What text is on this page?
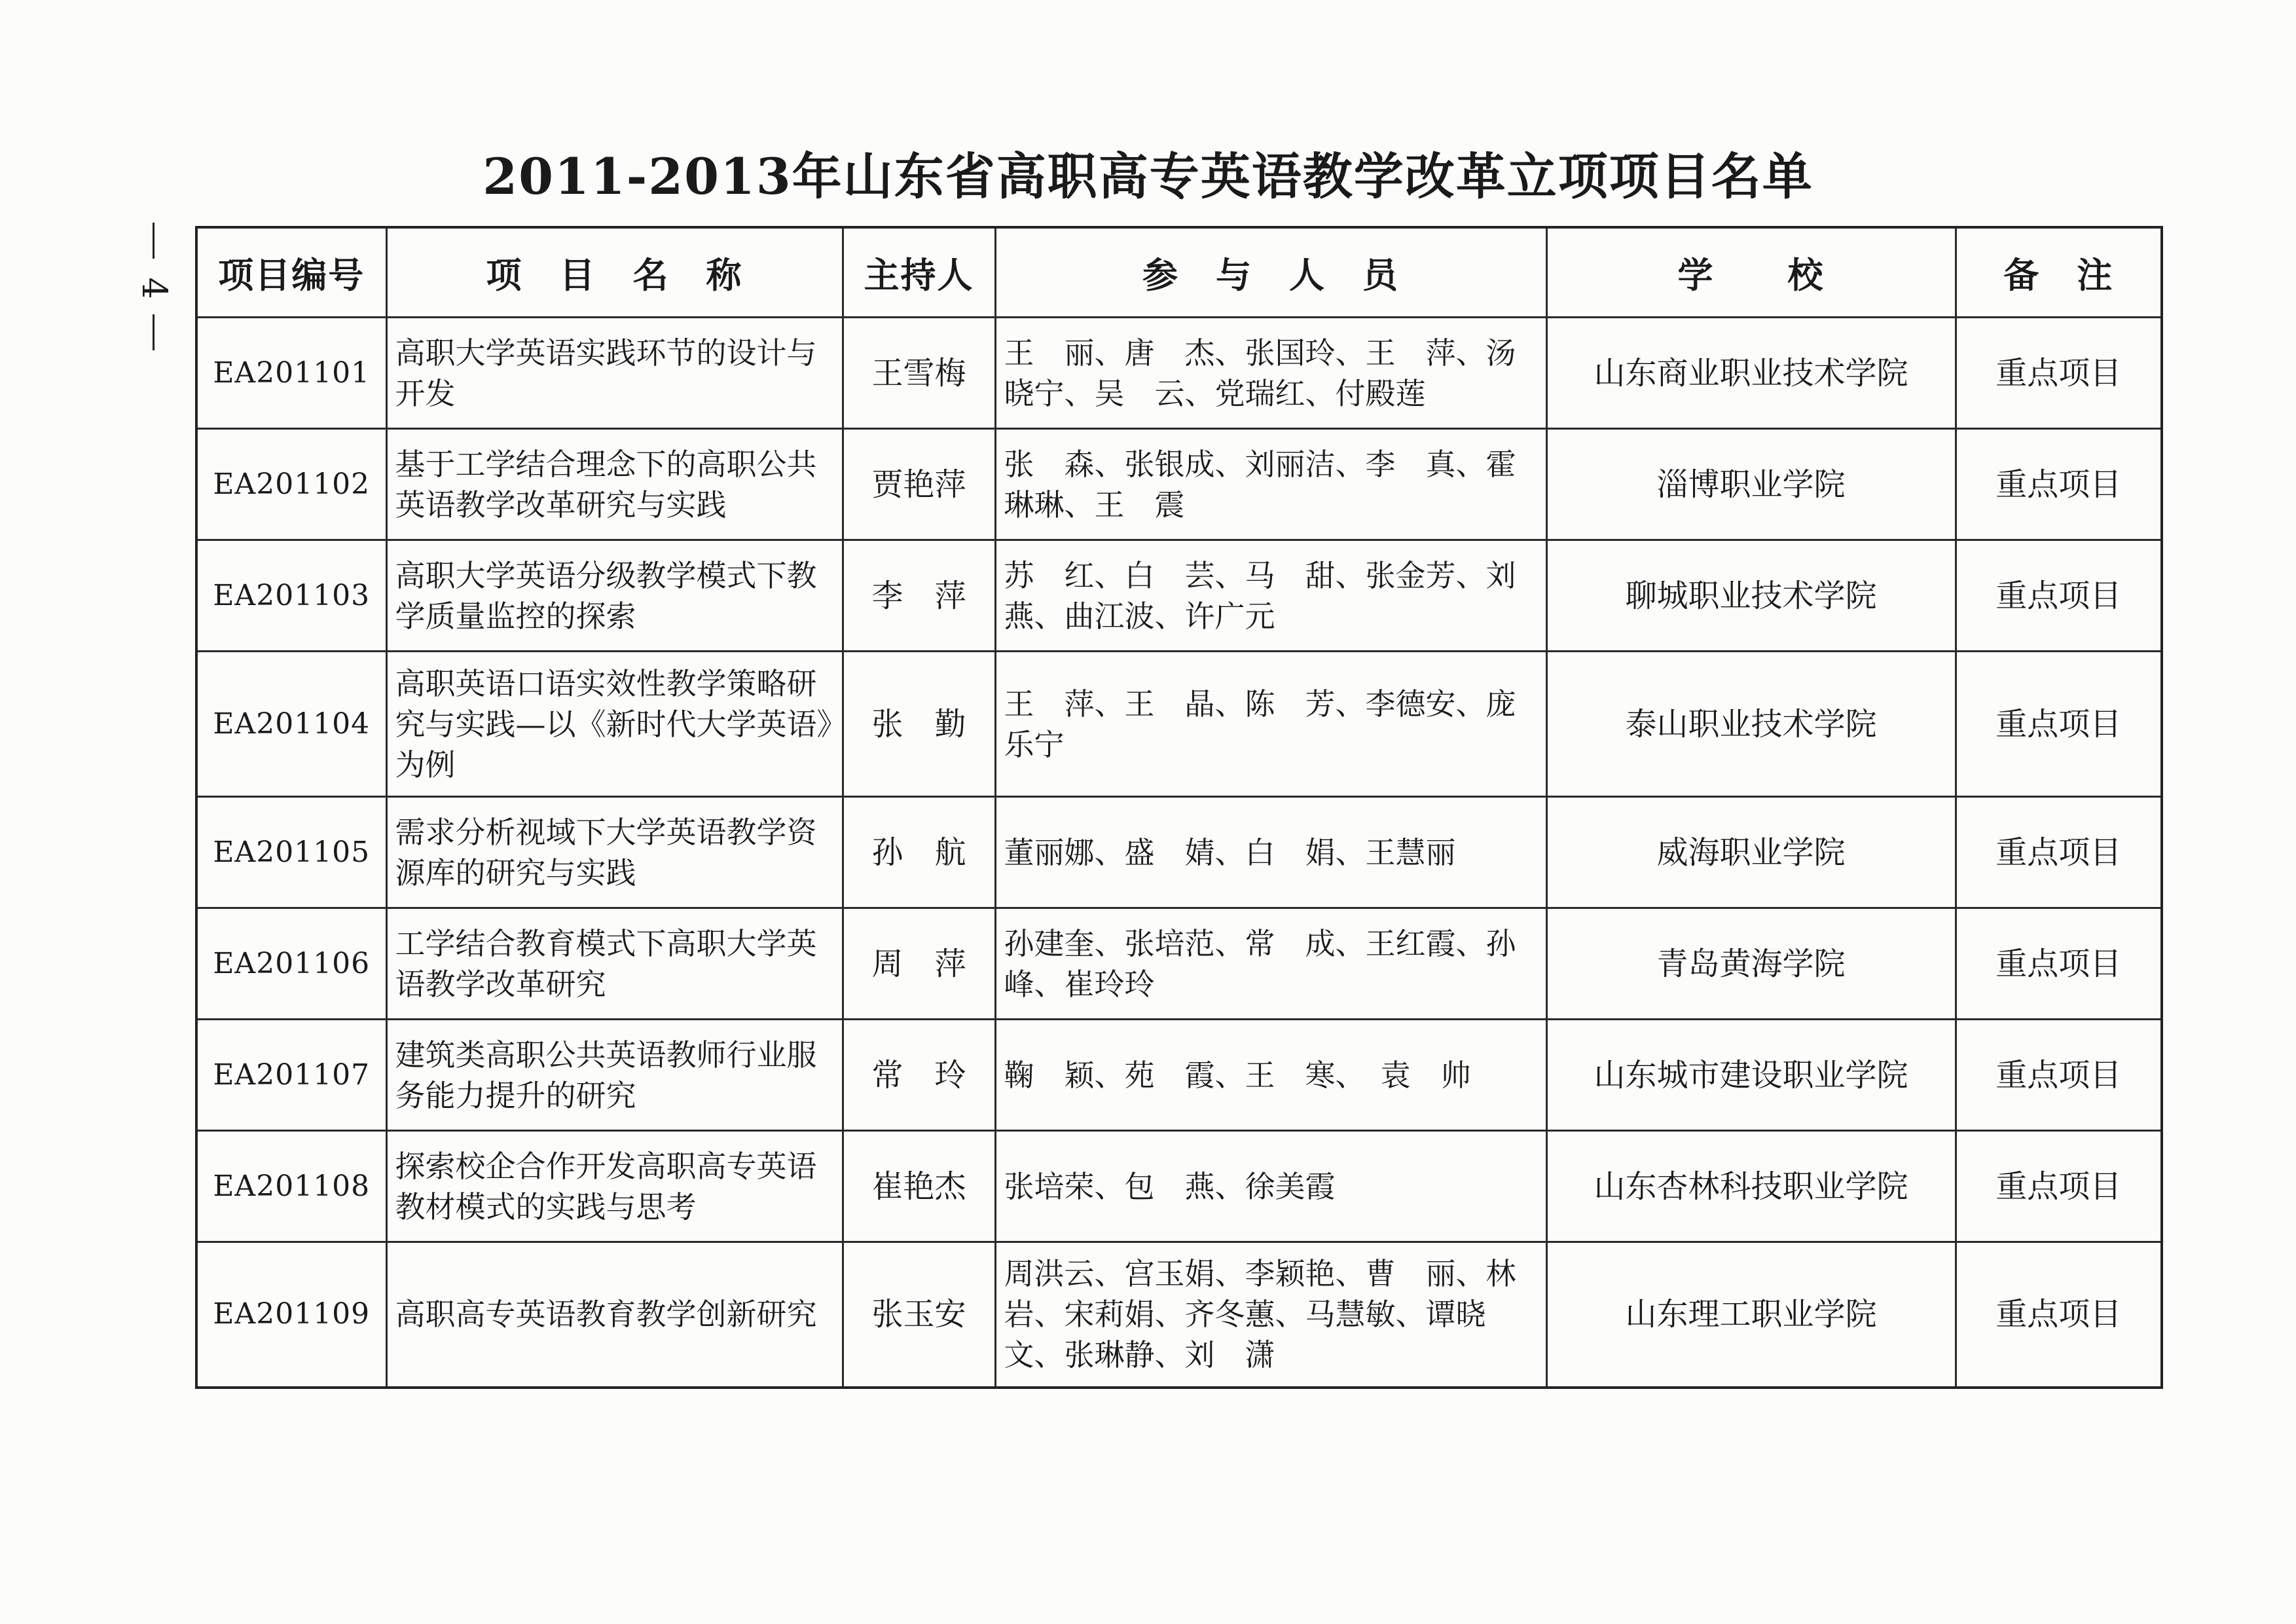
4
2011-2013年山东省高职高专英语教学改革立项项目名单
项目编号	项　目　名　称	主持人	参　与　人　员	学　　校	备　注
EA201101	高职大学英语实践环节的设计与开发	王雪梅	王　丽、唐　杰、张国玲、王　萍、汤晓宁、吴　云、党瑞红、付殿莲	山东商业职业技术学院	重点项目
EA201102	基于工学结合理念下的高职公共英语教学改革研究与实践	贾艳萍	张　森、张银成、刘丽洁、李　真、霍琳琳、王　震	淄博职业学院	重点项目
EA201103	高职大学英语分级教学模式下教学质量监控的探索	李　萍	苏　红、白　芸、马　甜、张金芳、刘　燕、曲江波、许广元	聊城职业技术学院	重点项目
EA201104	高职英语口语实效性教学策略研究与实践—以《新时代大学英语》为例	张　勤	王　萍、王　晶、陈　芳、李德安、庞乐宁	泰山职业技术学院	重点项目
EA201105	需求分析视域下大学英语教学资源库的研究与实践	孙　航	董丽娜、盛　婧、白　娟、王慧丽	威海职业学院	重点项目
EA201106	工学结合教育模式下高职大学英语教学改革研究	周　萍	孙建奎、张培范、常　成、王红霞、孙　峰、崔玲玲	青岛黄海学院	重点项目
EA201107	建筑类高职公共英语教师行业服务能力提升的研究	常　玲	鞠　颖、苑　霞、王　寒、　袁　帅	山东城市建设职业学院	重点项目
EA201108	探索校企合作开发高职高专英语教材模式的实践与思考	崔艳杰	张培荣、包　燕、徐美霞	山东杏林科技职业学院	重点项目
EA201109	高职高专英语教育教学创新研究	张玉安	周洪云、宫玉娟、李颖艳、曹　丽、林　岩、宋莉娟、齐冬蕙、马慧敏、谭晓文、张琳静、刘　潇	山东理工职业学院	重点项目
